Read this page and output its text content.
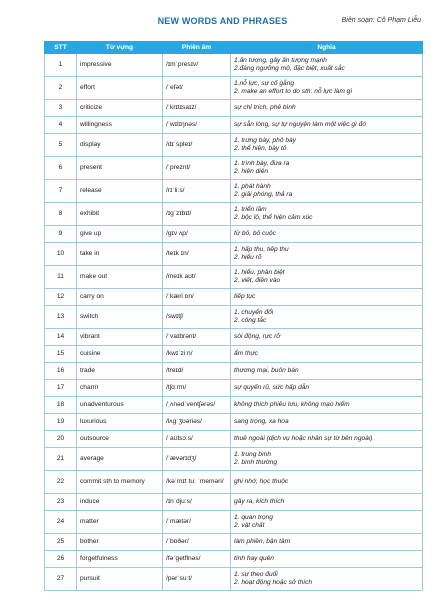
NEW WORDS AND PHRASES	Biên soạn: Cô Phạm Liễu
STT	Từ vựng	Phiên âm	Nghĩa
1	impressive	/ɪmˈpresɪv/	1.ấn tượng, gây ấn tượng mạnh
2.đáng ngưỡng mộ, đặc biệt, xuất sắc

2	effort	/ˈefət/	1.nỗ lực, sự cố gắng
2. make an effort to do sth: nỗ lực làm gì

3	criticize	/ˈkrɪtɪsaɪz/	sự chỉ trích, phê bình

4	willingness	/ˈwɪlɪŋnəs/	sự sẵn lòng, sự tự nguyện làm một việc gì đó

5	display	/dɪˈspleɪ/	1. trưng bày, phô bày
2. thể hiện, bày tỏ

6	present	/ˈpreznt/	1. trình bày, đưa ra
2. hiện diện

7	release	/rɪˈliːs/	1. phát hành
2. giải phóng, thả ra

8	exhibit	/ɪɡˈzɪbɪt/	1. triển lãm
2. bộc lộ, thể hiện cảm xúc

9	give up	/ɡɪv ʌp/	từ bỏ, bỏ cuộc

10	take in	/teɪk ɪn/	1. hấp thu, tiếp thu
2. hiểu rõ

11	make out	/meɪk aʊt/	1. hiểu, phân biệt
2. viết, điền vào

12	carry on	/ˈkæri ɒn/	tiếp tục

13	switch	/swɪtʃ/	1. chuyển đổi
2. công tắc

14	vibrant	/ˈvaɪbrənt/	sôi động, rực rỡ

15	cuisine	/kwɪˈziːn/	ẩm thực

16	trade	/treɪd/	thương mại, buôn bán

17	charm	/tʃɑːrm/	sự quyến rũ, sức hấp dẫn

18	unadventurous	/ˌʌnədˈventʃərəs/	không thích phiêu lưu, không mạo hiểm

19	luxurious	/lʌɡˈʒʊəriəs/	sang trọng, xa hoa

20	outsource	/ˈaʊtsɔːs/	thuê ngoài (dịch vụ hoặc nhân sự từ bên ngoài)

21	average	/ˈævərɪdʒ/	1. trung bình
2. bình thường

22	commit sth to memory	/kəˈmɪt tuː ˈmeməri/	ghi nhớ, học thuộc

23	induce	/ɪnˈdjuːs/	gây ra, kích thích

24	matter	/ˈmætər/	1. quan trọng
2. vật chất

25	bother	/ˈbɒðər/	làm phiền, bận tâm

26	forgetfulness	/fəˈɡetflnəs/	tính hay quên

27	pursuit	/pərˈsuːt/	1. sự theo đuổi
2. hoạt động hoặc sở thích
